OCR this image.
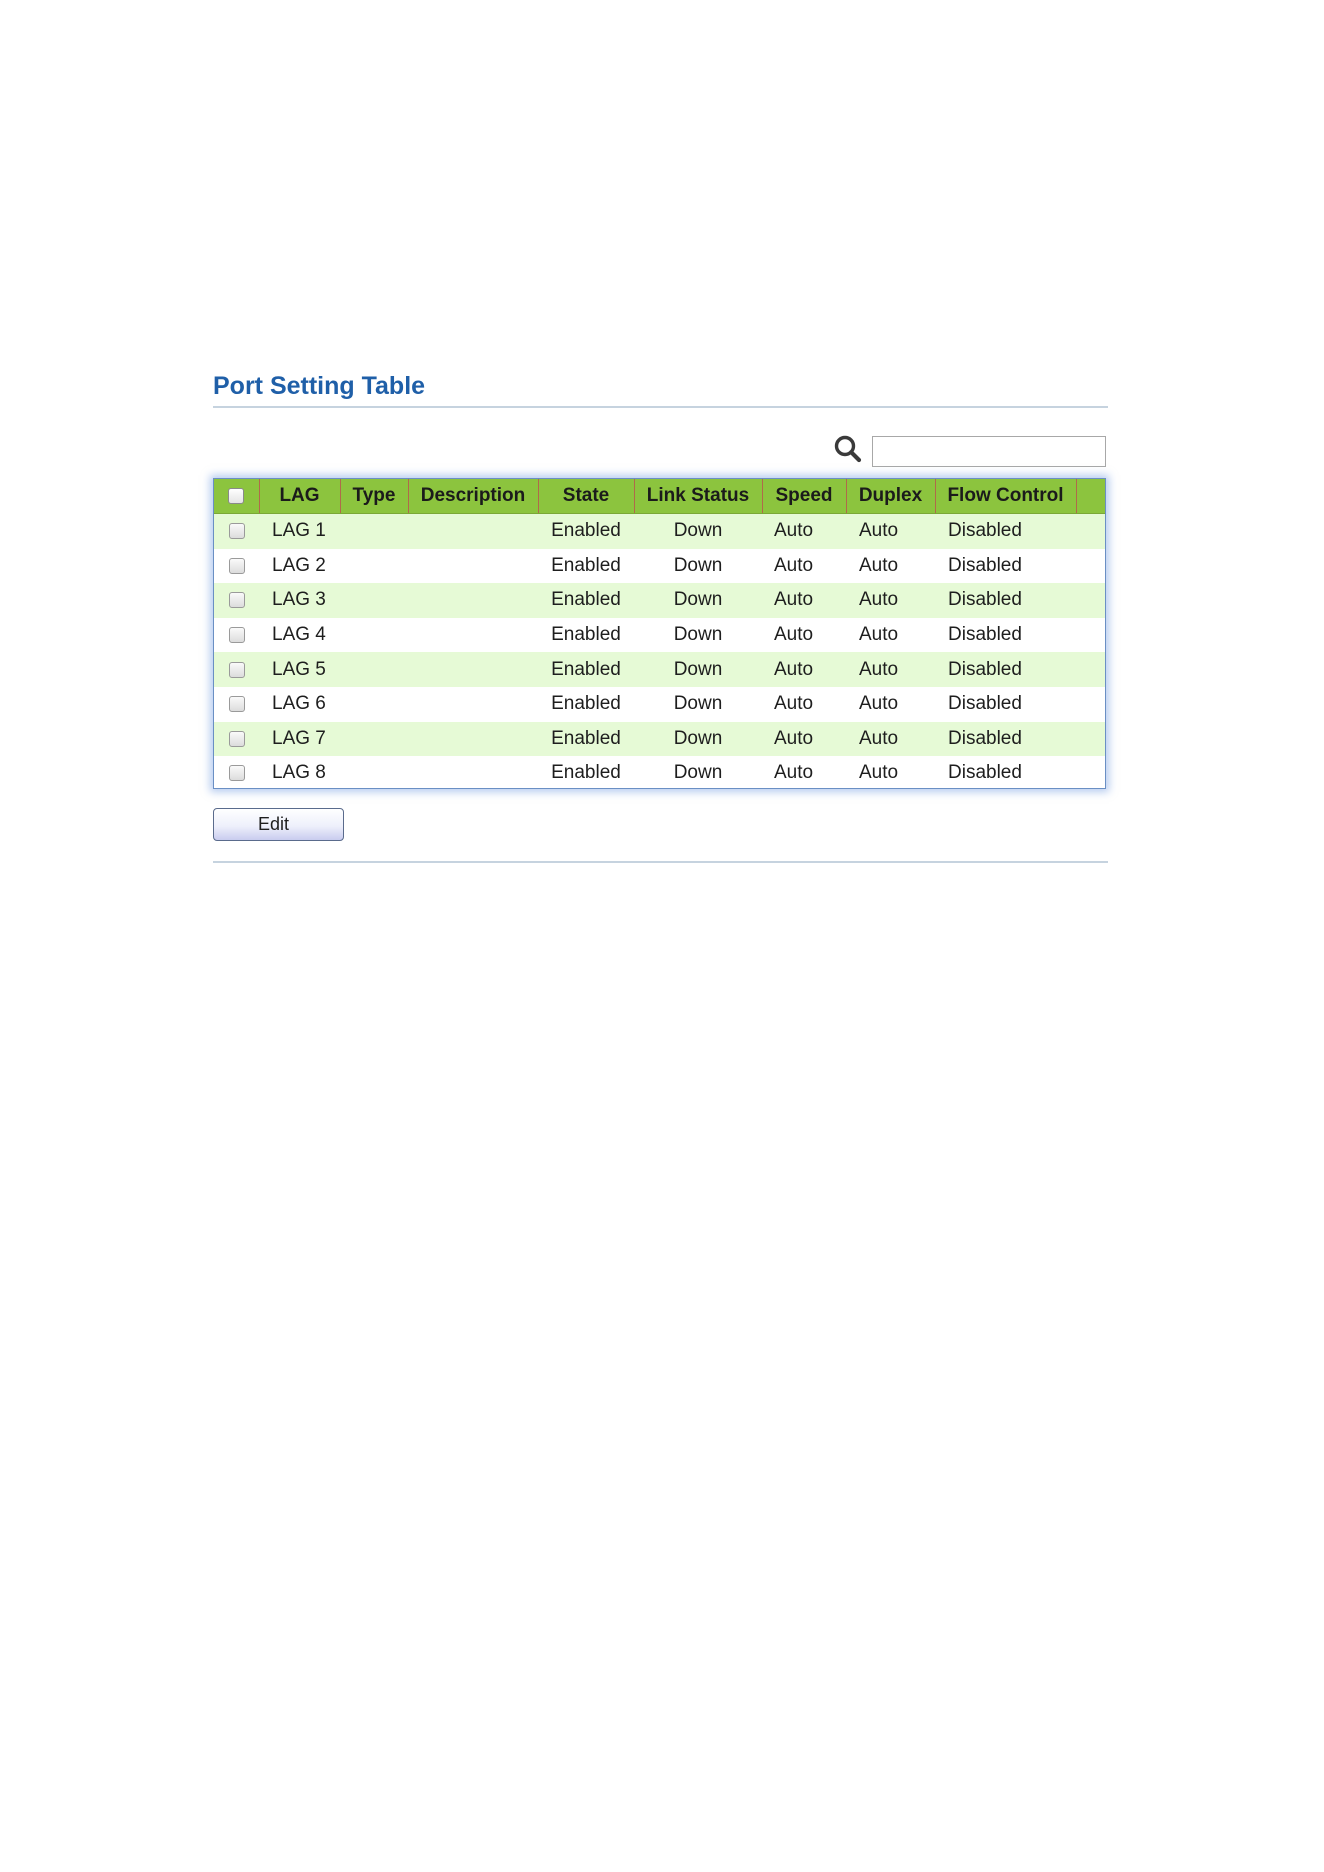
Port Setting Table
	LAG	Type	Description	State	Link Status	Speed	Duplex	Flow Control	
	LAG 1			Enabled	Down	Auto	Auto	Disabled	
	LAG 2			Enabled	Down	Auto	Auto	Disabled	
	LAG 3			Enabled	Down	Auto	Auto	Disabled	
	LAG 4			Enabled	Down	Auto	Auto	Disabled	
	LAG 5			Enabled	Down	Auto	Auto	Disabled	
	LAG 6			Enabled	Down	Auto	Auto	Disabled	
	LAG 7			Enabled	Down	Auto	Auto	Disabled	
	LAG 8			Enabled	Down	Auto	Auto	Disabled	
Edit
